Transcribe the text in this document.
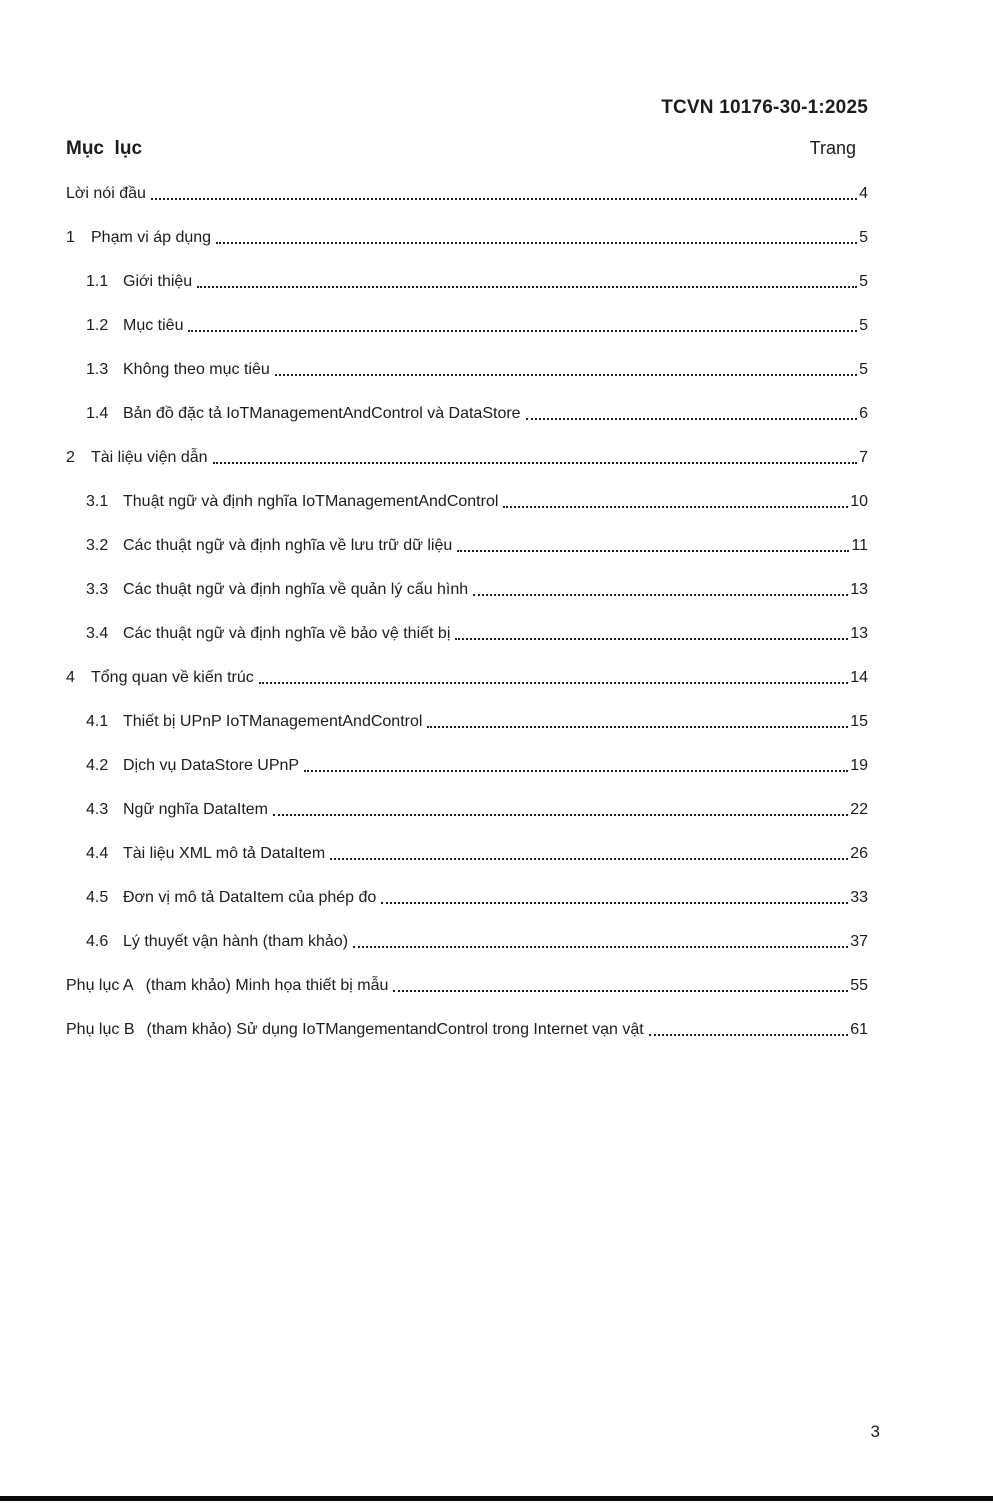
TCVN 10176-30-1:2025
Mục  lục	Trang
Lời nói đầu	4
1	Phạm vi áp dụng	5
1.1 Giới thiệu	5
1.2 Mục tiêu	5
1.3 Không theo mục tiêu	5
1.4 Bản đồ đặc tả IoTManagementAndControl và DataStore	6
2	Tài liệu viện dẫn	7
3.1 Thuật ngữ và định nghĩa IoTManagementAndControl	10
3.2 Các thuật ngữ và định nghĩa về lưu trữ dữ liệu	11
3.3 Các thuật ngữ và định nghĩa về quản lý cấu hình	13
3.4 Các thuật ngữ và định nghĩa về bảo vệ thiết bị	13
4	Tổng quan về kiến trúc	14
4.1 Thiết bị UPnP IoTManagementAndControl	15
4.2 Dịch vụ DataStore UPnP	19
4.3 Ngữ nghĩa DataItem	22
4.4 Tài liệu XML mô tả DataItem	26
4.5 Đơn vị mô tả DataItem của phép đo	33
4.6 Lý thuyết vận hành (tham khảo)	37
Phụ lục A (tham khảo) Minh họa thiết bị mẫu	55
Phụ lục B (tham khảo) Sử dụng IoTMangementandControl trong Internet vạn vật	61
3
